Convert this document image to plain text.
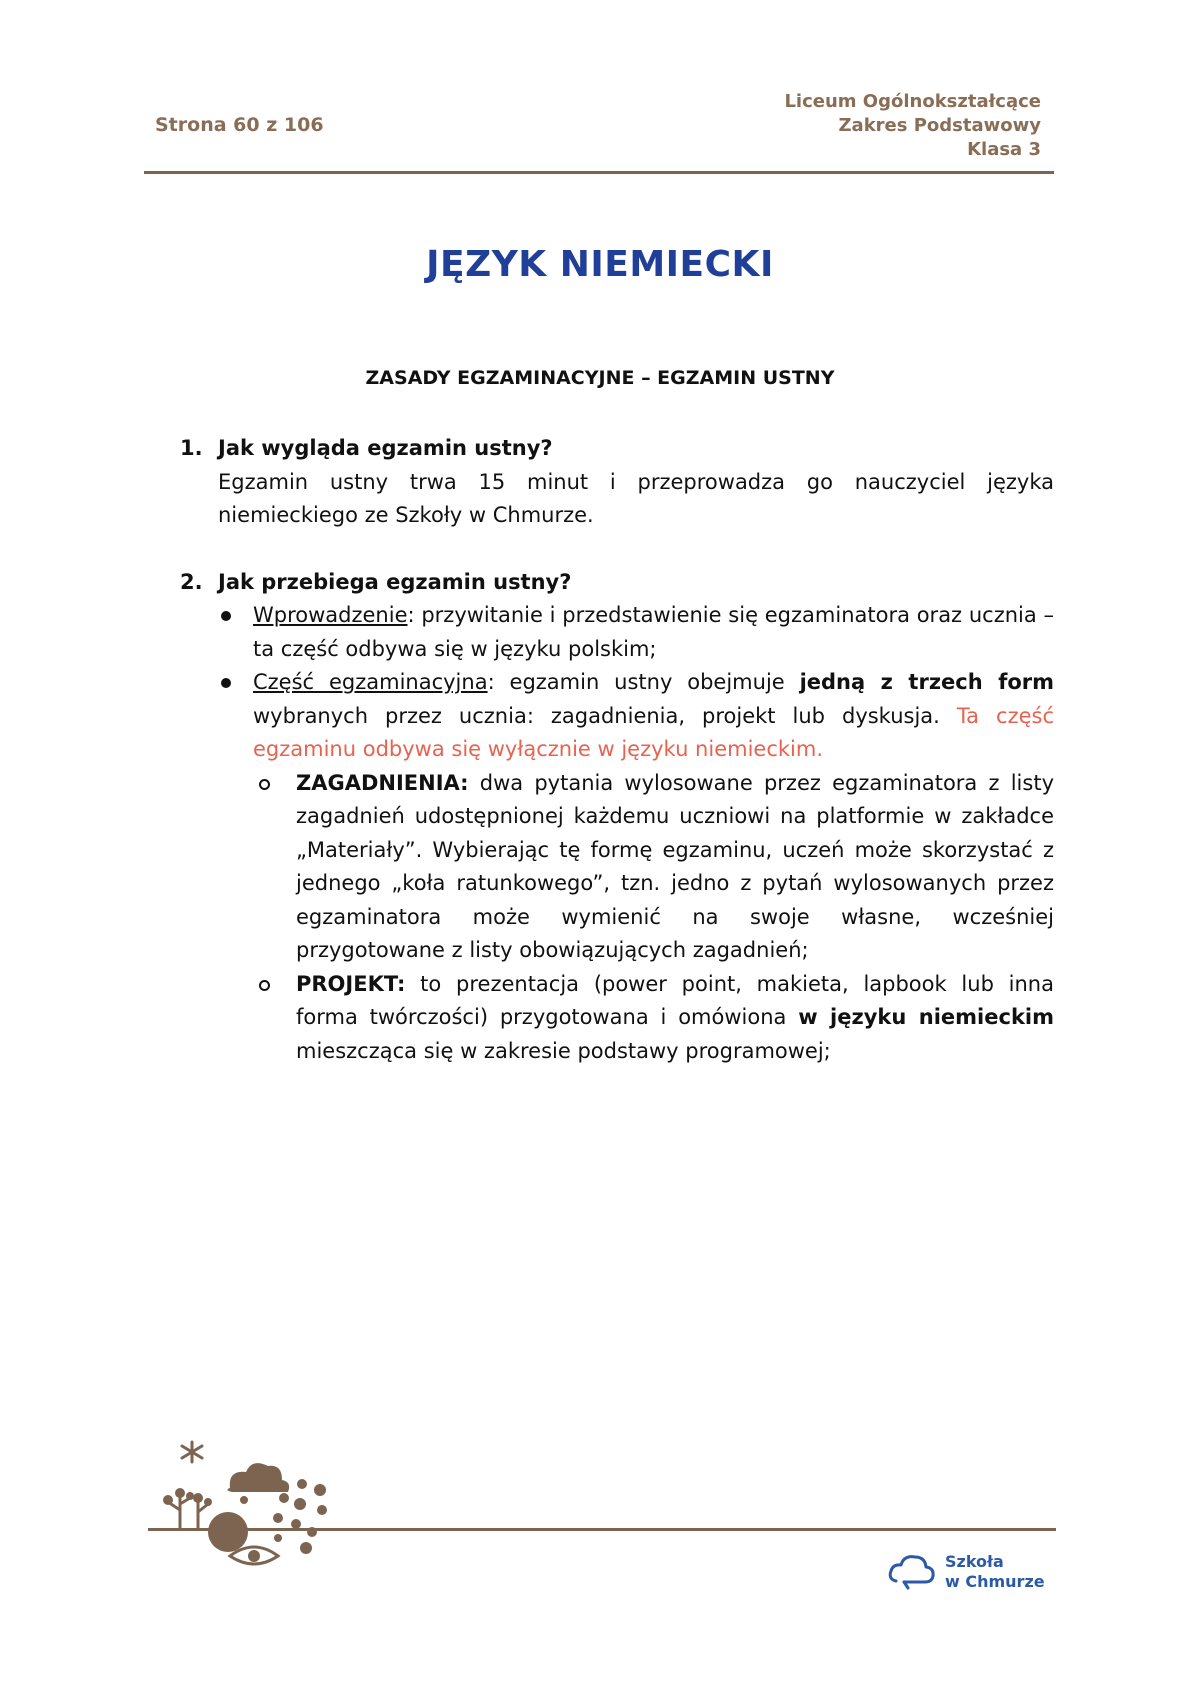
Strona 60 z 106
Liceum Ogólnokształcące
Zakres Podstawowy
Klasa 3
JĘZYK NIEMIECKI
ZASADY EGZAMINACYJNE – EGZAMIN USTNY
1. Jak wygląda egzamin ustny?
Egzamin ustny trwa 15 minut i przeprowadza go nauczyciel języka niemieckiego ze Szkoły w Chmurze.
2. Jak przebiega egzamin ustny?
Wprowadzenie: przywitanie i przedstawienie się egzaminatora oraz ucznia – ta część odbywa się w języku polskim;
Część egzaminacyjna: egzamin ustny obejmuje jedną z trzech form wybranych przez ucznia: zagadnienia, projekt lub dyskusja. Ta część egzaminu odbywa się wyłącznie w języku niemieckim.
ZAGADNIENIA: dwa pytania wylosowane przez egzaminatora z listy zagadnień udostępnionej każdemu uczniowi na platformie w zakładce „Materiały”. Wybierając tę formę egzaminu, uczeń może skorzystać z jednego „koła ratunkowego”, tzn. jedno z pytań wylosowanych przez egzaminatora może wymienić na swoje własne, wcześniej przygotowane z listy obowiązujących zagadnień;
PROJEKT: to prezentacja (power point, makieta, lapbook lub inna forma twórczości) przygotowana i omówiona w języku niemieckim mieszcząca się w zakresie podstawy programowej;
Szkoła
w Chmurze
